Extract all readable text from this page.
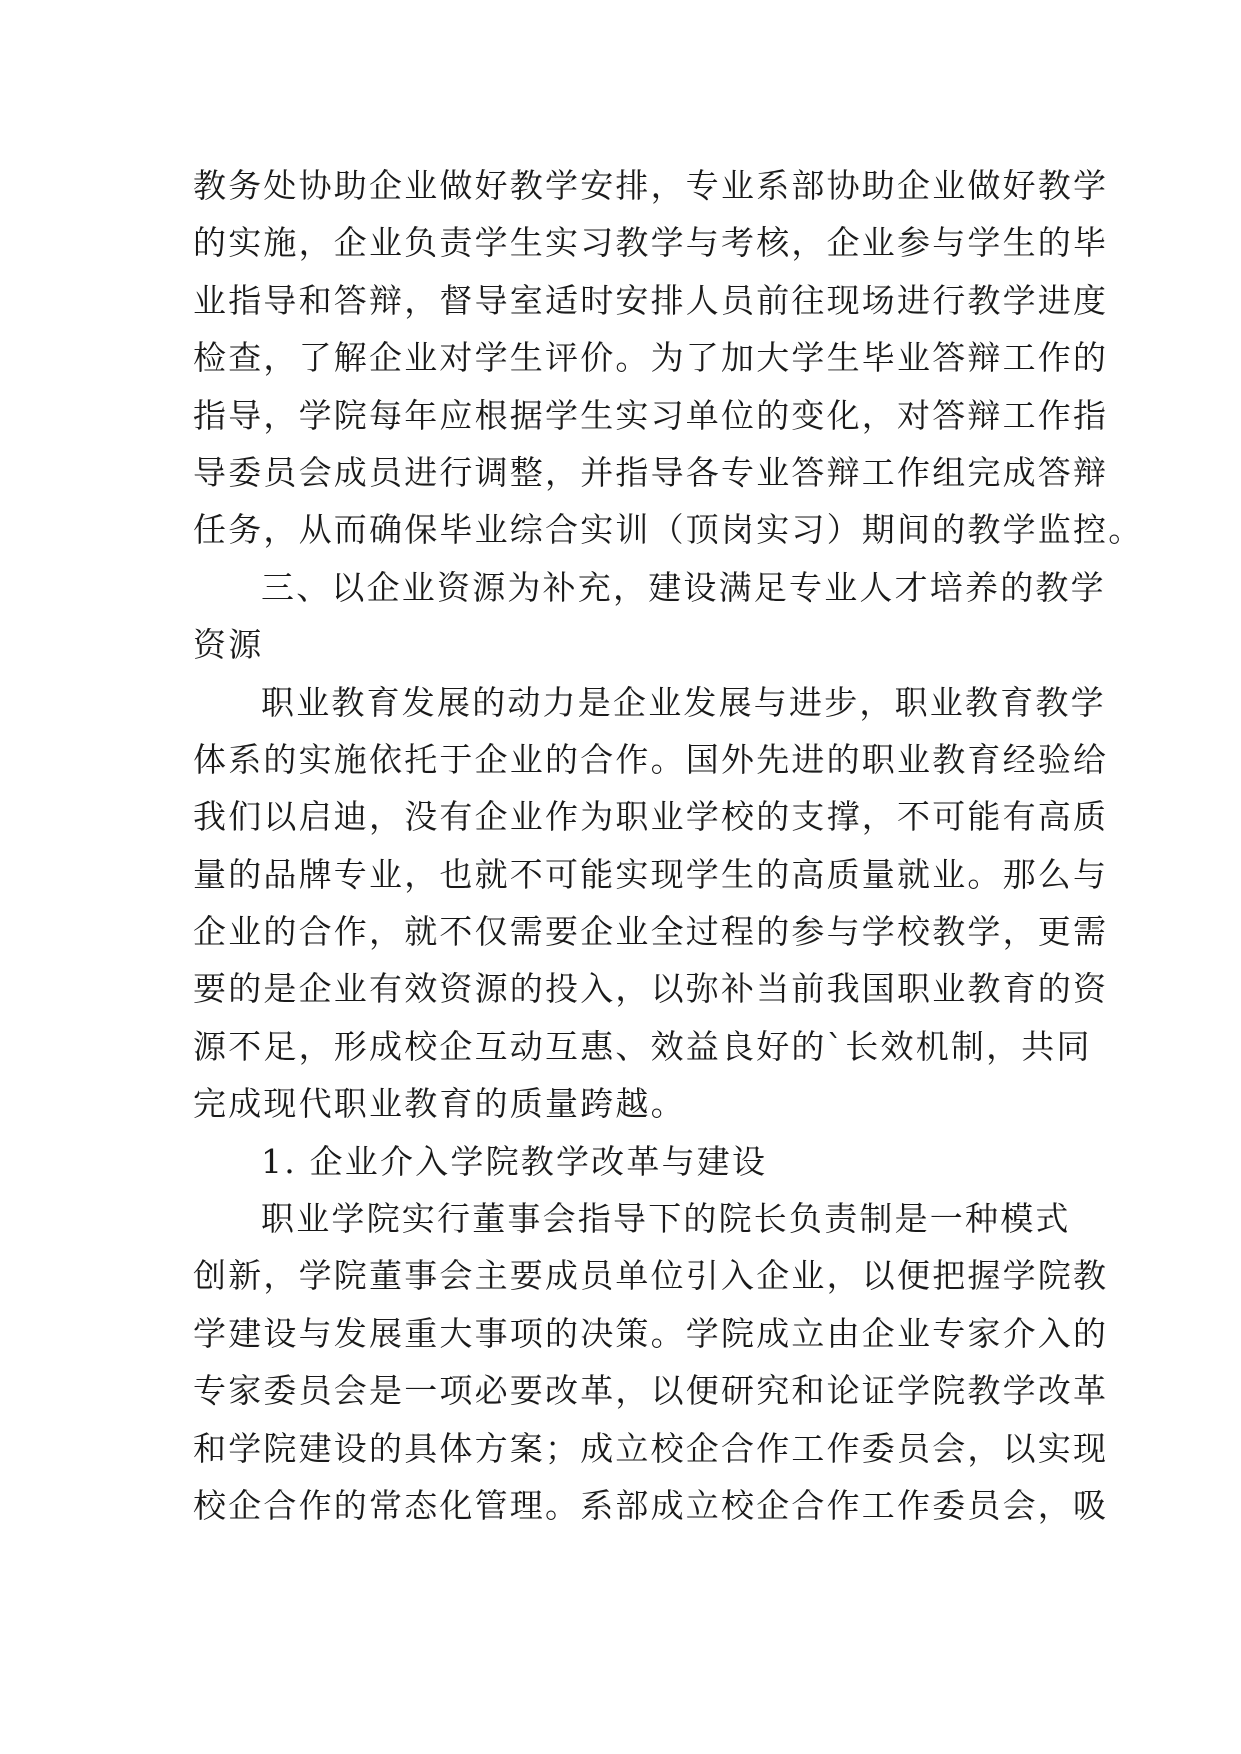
教务处协助企业做好教学安排，专业系部协助企业做好教学
的实施，企业负责学生实习教学与考核，企业参与学生的毕
业指导和答辩，督导室适时安排人员前往现场进行教学进度
检查，了解企业对学生评价。为了加大学生毕业答辩工作的
指导，学院每年应根据学生实习单位的变化，对答辩工作指
导委员会成员进行调整，并指导各专业答辩工作组完成答辩
任务，从而确保毕业综合实训（顶岗实习）期间的教学监控。
三、以企业资源为补充，建设满足专业人才培养的教学
资源
职业教育发展的动力是企业发展与进步，职业教育教学
体系的实施依托于企业的合作。国外先进的职业教育经验给
我们以启迪，没有企业作为职业学校的支撑，不可能有高质
量的品牌专业，也就不可能实现学生的高质量就业。那么与
企业的合作，就不仅需要企业全过程的参与学校教学，更需
要的是企业有效资源的投入，以弥补当前我国职业教育的资
源不足，形成校企互动互惠、效益良好的`长效机制，共同
完成现代职业教育的质量跨越。
1. 企业介入学院教学改革与建设
职业学院实行董事会指导下的院长负责制是一种模式
创新，学院董事会主要成员单位引入企业，以便把握学院教
学建设与发展重大事项的决策。学院成立由企业专家介入的
专家委员会是一项必要改革，以便研究和论证学院教学改革
和学院建设的具体方案；成立校企合作工作委员会，以实现
校企合作的常态化管理。系部成立校企合作工作委员会，吸
